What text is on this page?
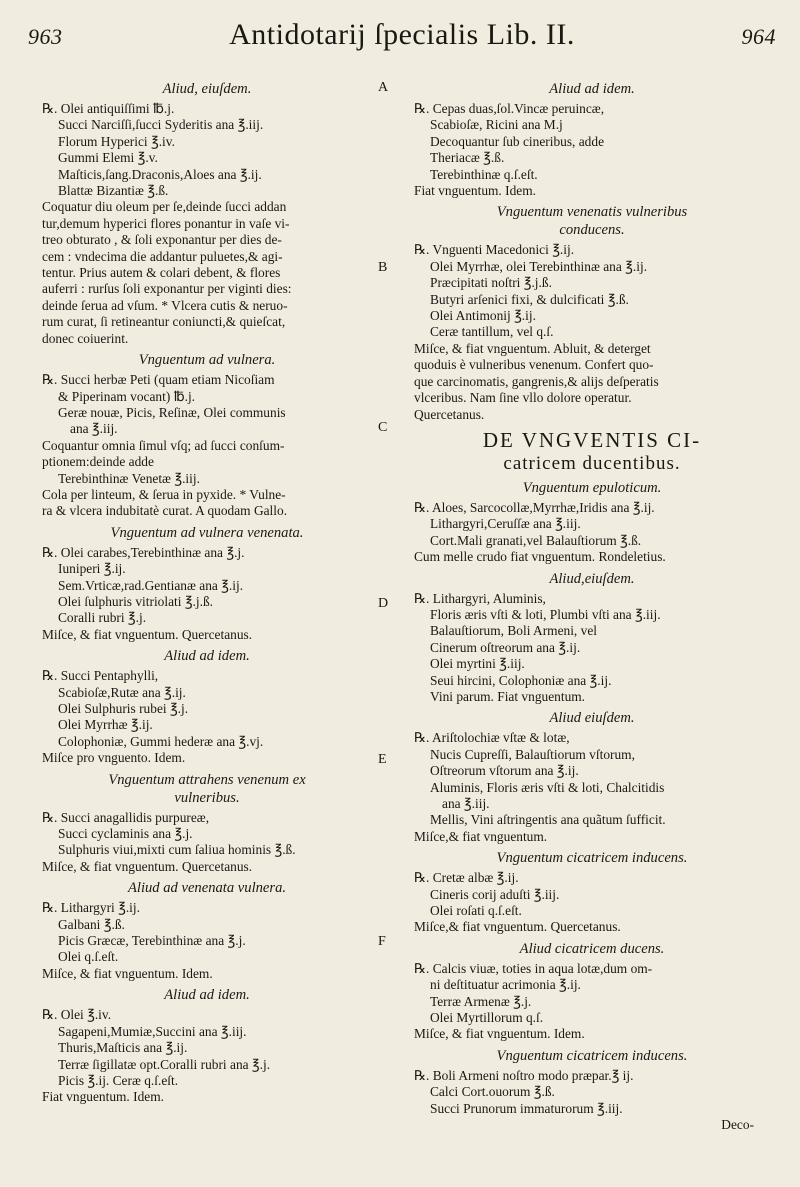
963	Antidotarij ſpecialis Lib. II.	964
A
B
C
D
E
F
Aliud, eiuſdem.
℞. Olei antiquiſſimi ℔.j.
Succi Narciſſi,ſucci Syderitis ana ℥.iij.
Florum Hyperici ℥.iv.
Gummi Elemi ℥.v.
Maſticis,ſang.Draconis,Aloes ana ℥.ij.
Blattæ Bizantiæ ℥.ß.
Coquatur diu oleum per ſe,deinde ſucci addan
tur,demum hyperici flores ponantur in vaſe vi-
treo obturato , & ſoli exponantur per dies de-
cem : vndecima die addantur puluetes,& agi-
tentur. Prius autem & colari debent, & flores
auferri : rurſus ſoli exponantur per viginti dies:
deinde ſerua ad vſum. * Vlcera cutis & neruo-
rum curat, ſi retineantur coniuncti,& quieſcat,
donec coiuerint.
Vnguentum ad vulnera.
℞. Succi herbæ Peti (quam etiam Nicoſiam
& Piperinam vocant) ℔.j.
Geræ nouæ, Picis, Reſinæ, Olei communis
ana ℥.iij.
Coquantur omnia ſimul vſq; ad ſucci conſum-
ptionem:deinde adde
Terebinthinæ Venetæ ℥.iij.
Cola per linteum, & ſerua in pyxide. * Vulne-
ra & vlcera indubitatè curat. A quodam Gallo.
Vnguentum ad vulnera venenata.
℞. Olei carabes,Terebinthinæ ana ℥.j.
Iuniperi ℥.ij.
Sem.Vrticæ,rad.Gentianæ ana ℥.ij.
Olei ſulphuris vitriolati ℥.j.ß.
Coralli rubri ℥.j.
Miſce, & fiat vnguentum. Quercetanus.
Aliud ad idem.
℞. Succi Pentaphylli,
Scabioſæ,Rutæ ana ℥.ij.
Olei Sulphuris rubei ℥.j.
Olei Myrrhæ ℥.ij.
Colophoniæ, Gummi hederæ ana ℥.vj.
Miſce pro vnguento. Idem.
Vnguentum attrahens venenum ex
vulneribus.
℞. Succi anagallidis purpureæ,
Succi cyclaminis ana ℥.j.
Sulphuris viui,mixti cum ſaliua hominis ℥.ß.
Miſce, & fiat vnguentum. Quercetanus.
Aliud ad venenata vulnera.
℞. Lithargyri ℥.ij.
Galbani ℥.ß.
Picis Græcæ, Terebinthinæ ana ℥.j.
Olei q.ſ.eſt.
Miſce, & fiat vnguentum. Idem.
Aliud ad idem.
℞. Olei ℥.iv.
Sagapeni,Mumiæ,Succini ana ℥.iij.
Thuris,Maſticis ana ℥.ij.
Terræ ſigillatæ opt.Coralli rubri ana ℥.j.
Picis ℥.ij. Ceræ q.ſ.eſt.
Fiat vnguentum. Idem.
Aliud ad idem.
℞. Cepas duas,ſol.Vincæ peruincæ,
Scabioſæ, Ricini ana M.j
Decoquantur ſub cineribus, adde
Theriacæ ℥.ß.
Terebinthinæ q.ſ.eſt.
Fiat vnguentum. Idem.
Vnguentum venenatis vulneribus
conducens.
℞. Vnguenti Macedonici ℥.ij.
Olei Myrrhæ, olei Terebinthinæ ana ℥.ij.
Præcipitati noſtri ℥.j.ß.
Butyri arſenici fixi, & dulcificati ℥.ß.
Olei Antimonij ℥.ij.
Ceræ tantillum, vel q.ſ.
Miſce, & fiat vnguentum. Abluit, & deterget
quoduis è vulneribus venenum. Confert quo-
que carcinomatis, gangrenis,& alijs deſperatis
vlceribus. Nam ſine vllo dolore operatur.
Quercetanus.
DE VNGVENTIS CI-
catricem ducentibus.
Vnguentum epuloticum.
℞. Aloes, Sarcocollæ,Myrrhæ,Iridis ana ℥.ij.
Lithargyri,Ceruſſæ ana ℥.iij.
Cort.Mali granati,vel Balauſtiorum ℥.ß.
Cum melle crudo fiat vnguentum. Rondeletius.
Aliud,eiuſdem.
℞. Lithargyri, Aluminis,
Floris æris vſti & loti, Plumbi vſti ana ℥.iij.
Balauſtiorum, Boli Armeni, vel
Cinerum oſtreorum ana ℥.ij.
Olei myrtini ℥.iij.
Seui hircini, Colophoniæ ana ℥.ij.
Vini parum. Fiat vnguentum.
Aliud eiuſdem.
℞. Ariſtolochiæ vſtæ & lotæ,
Nucis Cupreſſi, Balauſtiorum vſtorum,
Oſtreorum vſtorum ana ℥.ij.
Aluminis, Floris æris vſti & loti, Chalcitidis
ana ℥.iij.
Mellis, Vini aſtringentis ana quãtum ſufficit.
Miſce,& fiat vnguentum.
Vnguentum cicatricem inducens.
℞. Cretæ albæ ℥.ij.
Cineris corij aduſti ℥.iij.
Olei roſati q.ſ.eſt.
Miſce,& fiat vnguentum. Quercetanus.
Aliud cicatricem ducens.
℞. Calcis viuæ, toties in aqua lotæ,dum om-
ni deſtituatur acrimonia ℥.ij.
Terræ Armenæ ℥.j.
Olei Myrtillorum q.ſ.
Miſce, & fiat vnguentum. Idem.
Vnguentum cicatricem inducens.
℞. Boli Armeni noſtro modo præpar.℥ ij.
Calci Cort.ouorum ℥.ß.
Succi Prunorum immaturorum ℥.iij.
Deco-
